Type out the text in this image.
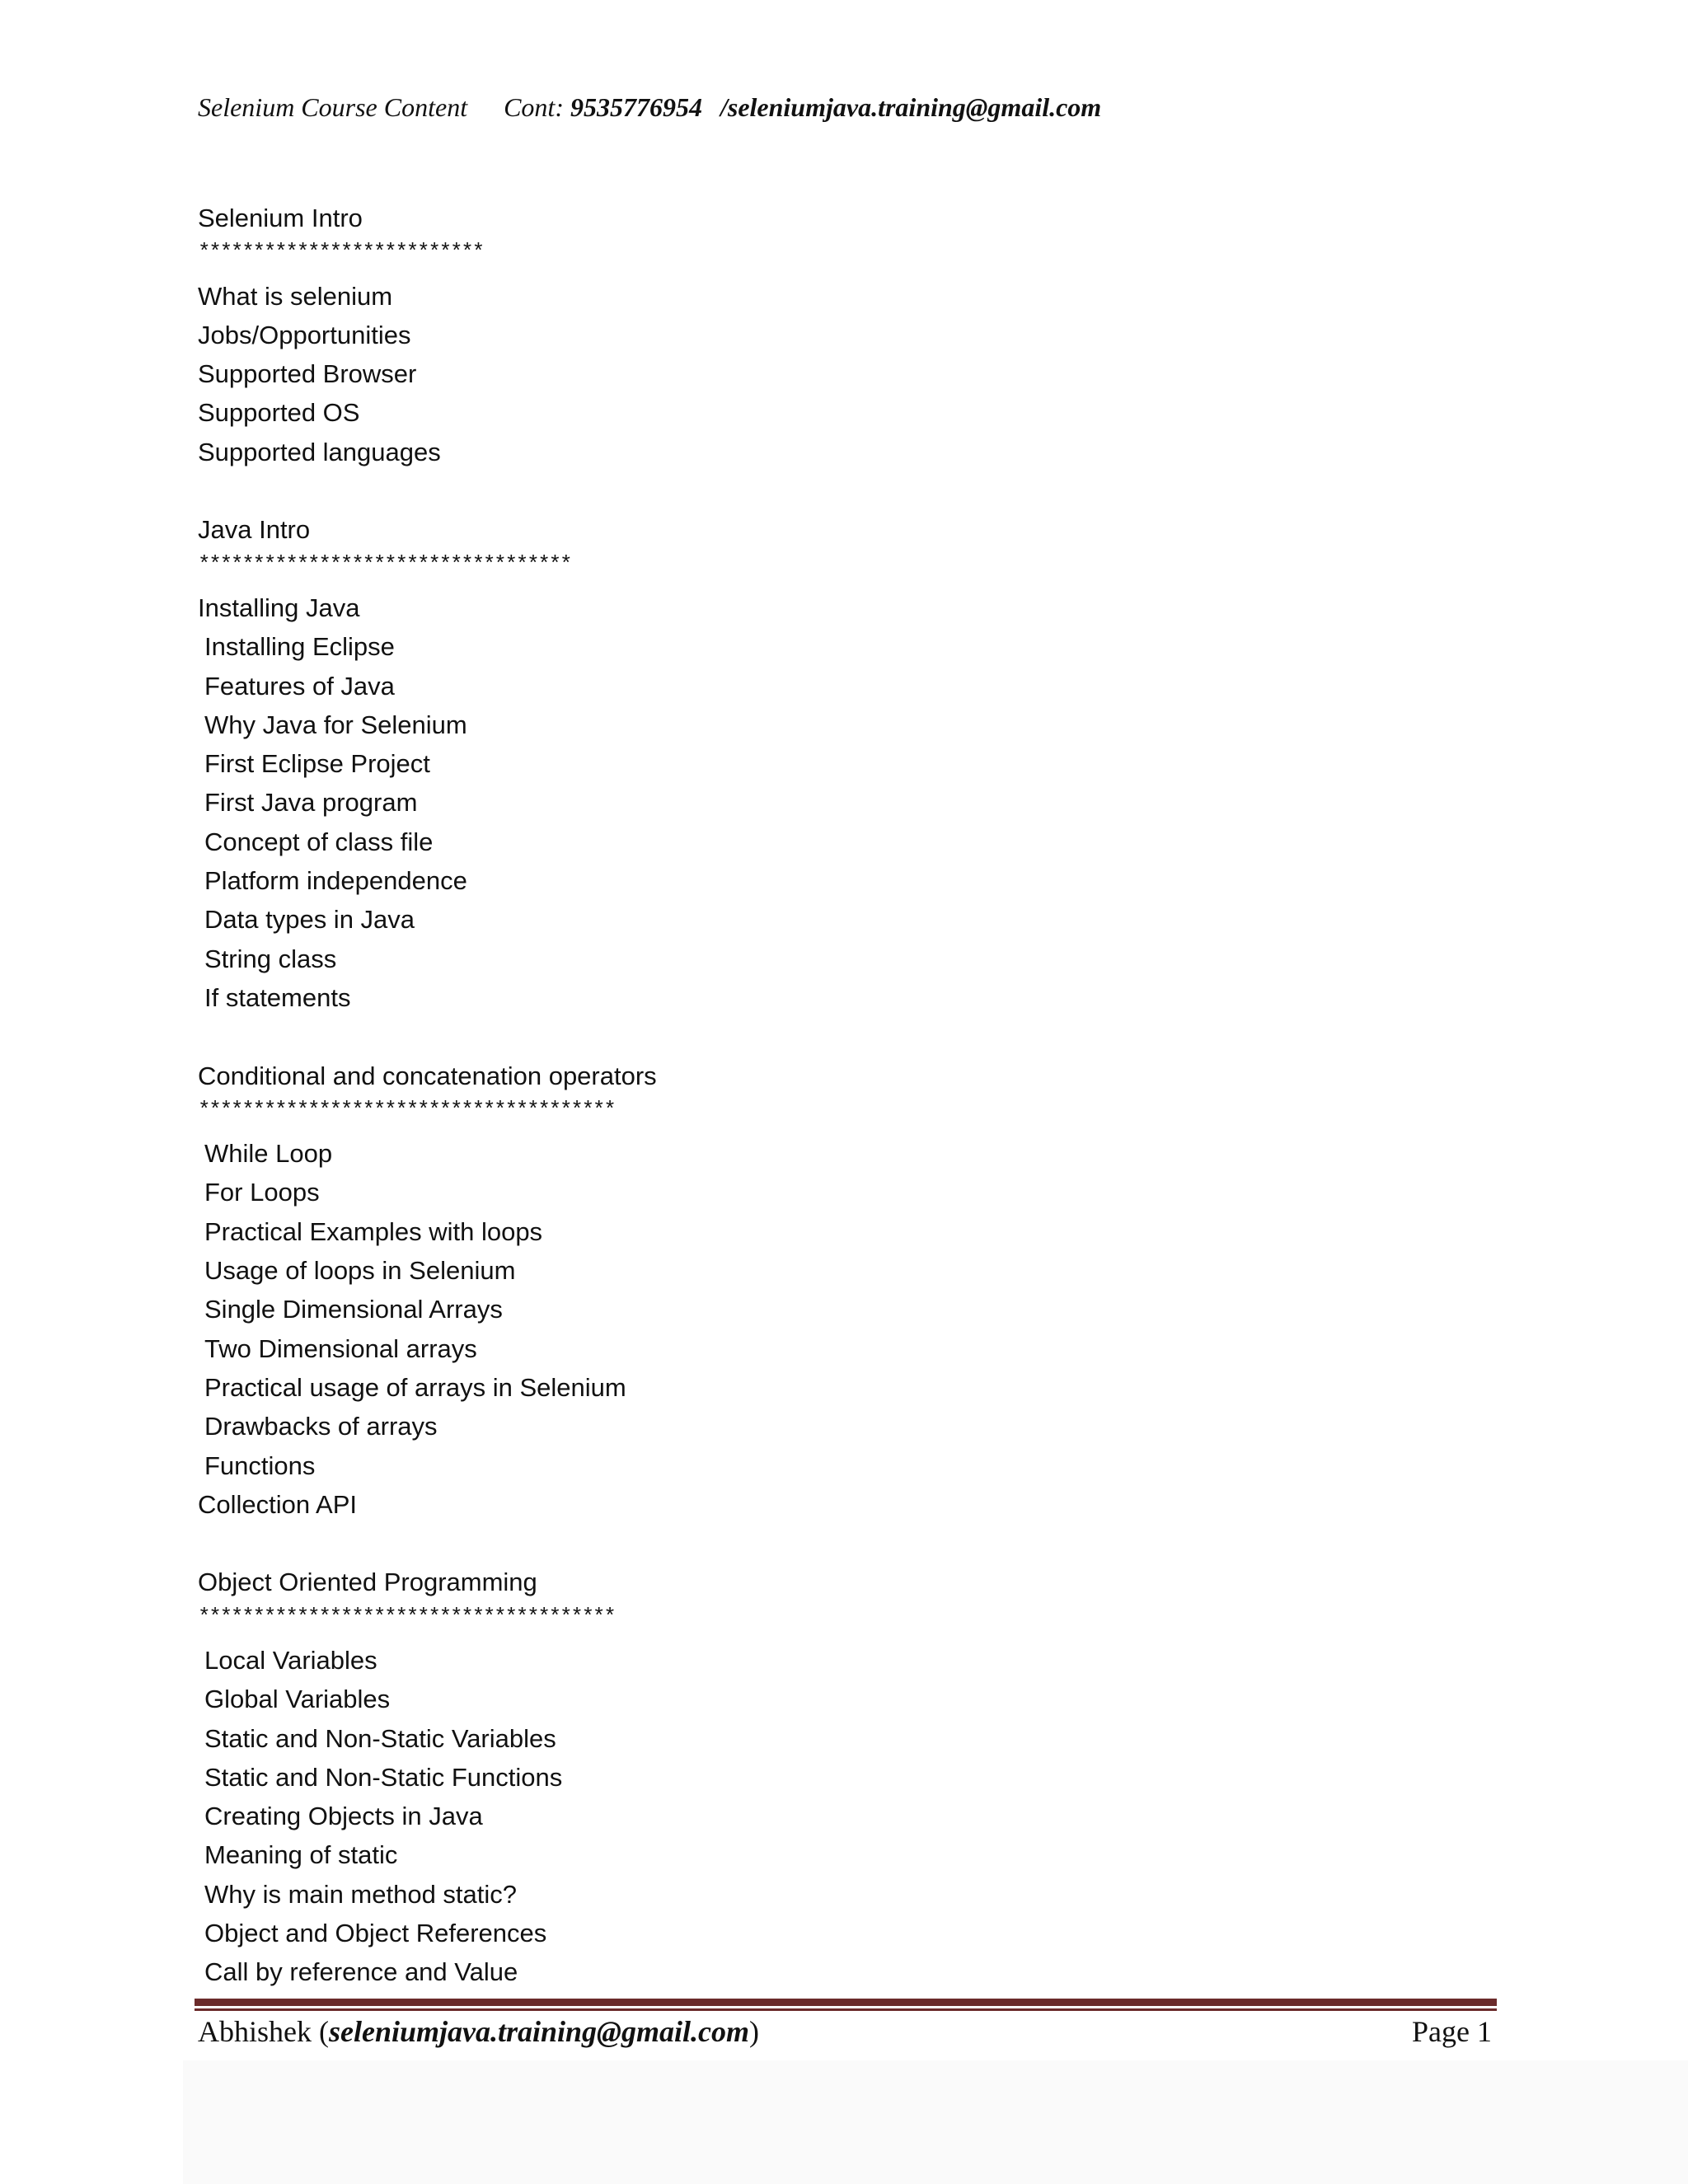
Selenium Course Content Cont: 9535776954 /seleniumjava.training@gmail.com
Selenium Intro
**************************
What is selenium
Jobs/Opportunities
Supported Browser
Supported OS
Supported languages
Java Intro
**********************************
Installing Java
Installing Eclipse
Features of Java
Why Java for Selenium
First Eclipse Project
First Java program
Concept of class file
Platform independence
Data types in Java
String class
If statements
Conditional and concatenation operators
**************************************
While Loop
For Loops
Practical Examples with loops
Usage of loops in Selenium
Single Dimensional Arrays
Two Dimensional arrays
Practical usage of arrays in Selenium
Drawbacks of arrays
Functions
Collection API
Object Oriented Programming
**************************************
Local Variables
Global Variables
Static and Non-Static Variables
Static and Non-Static Functions
Creating Objects in Java
Meaning of static
Why is main method static?
Object and Object References
Call by reference and Value
Abhishek (seleniumjava.training@gmail.com)	Page 1
